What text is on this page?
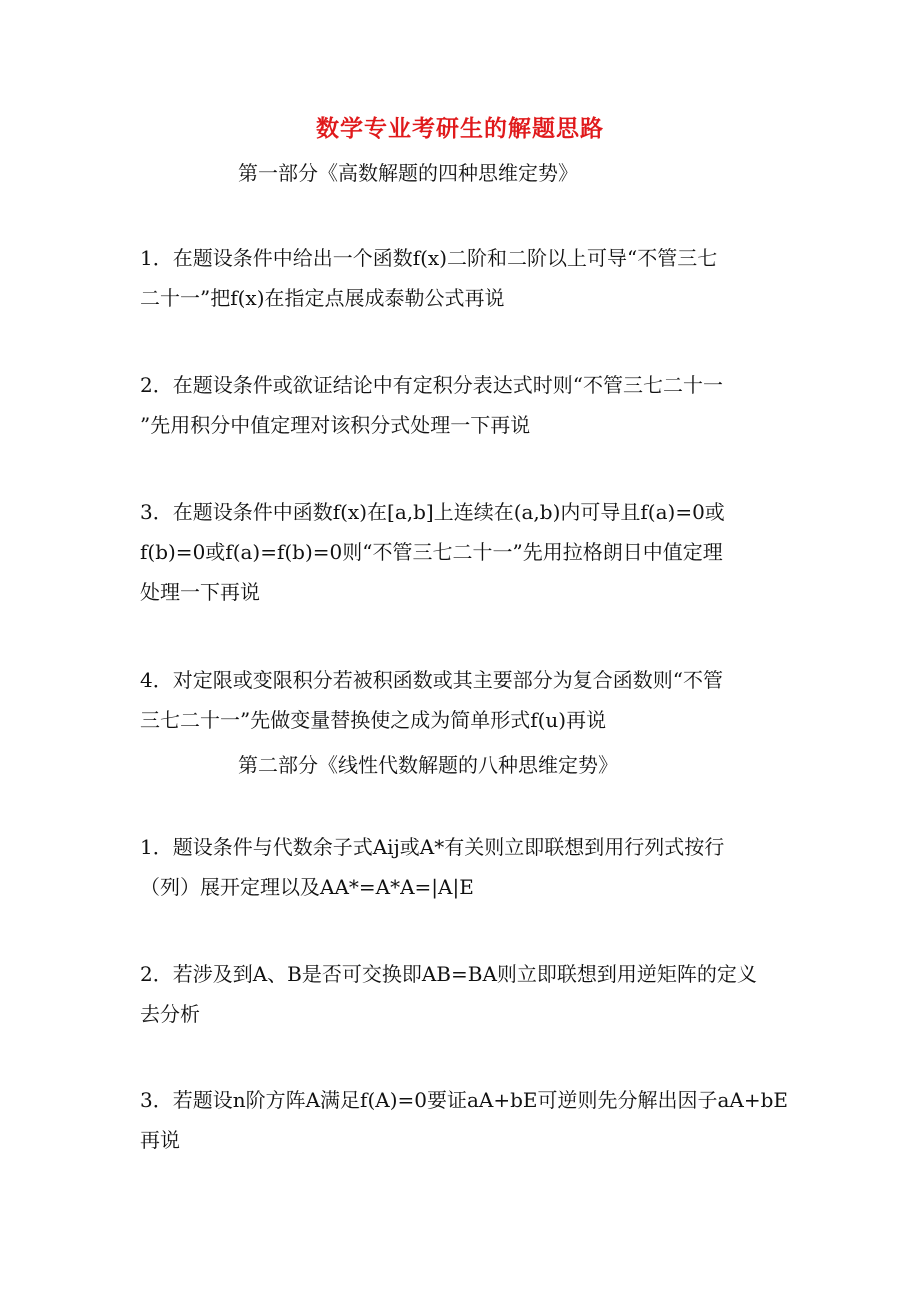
数学专业考研生的解题思路
第一部分《高数解题的四种思维定势》
1．在题设条件中给出一个函数f(x)二阶和二阶以上可导“不管三七
二十一”把f(x)在指定点展成泰勒公式再说
2．在题设条件或欲证结论中有定积分表达式时则“不管三七二十一
”先用积分中值定理对该积分式处理一下再说
3．在题设条件中函数f(x)在[a,b]上连续在(a,b)内可导且f(a)=0或
f(b)=0或f(a)=f(b)=0则“不管三七二十一”先用拉格朗日中值定理
处理一下再说
4．对定限或变限积分若被积函数或其主要部分为复合函数则“不管
三七二十一”先做变量替换使之成为简单形式f(u)再说
第二部分《线性代数解题的八种思维定势》
1．题设条件与代数余子式Aij或A*有关则立即联想到用行列式按行
（列）展开定理以及AA*=A*A=|A|E
2．若涉及到A、B是否可交换即AB=BA则立即联想到用逆矩阵的定义
去分析
3．若题设n阶方阵A满足f(A)=0要证aA+bE可逆则先分解出因子aA+bE
再说
